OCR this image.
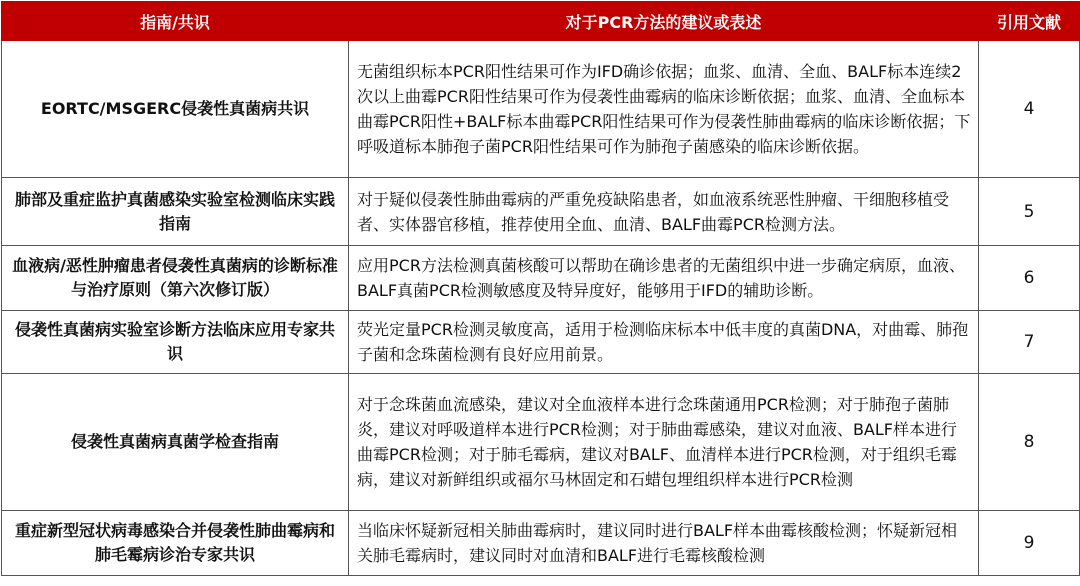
指南/共识	对于PCR方法的建议或表述	引用文献
EORTC/MSGERC侵袭性真菌病共识	无菌组织标本PCR阳性结果可作为IFD确诊依据；血浆、血清、全血、BALF标本连续2次以上曲霉PCR阳性结果可作为侵袭性曲霉病的临床诊断依据；血浆、血清、全血标本曲霉PCR阳性+BALF标本曲霉PCR阳性结果可作为侵袭性肺曲霉病的临床诊断依据；下呼吸道标本肺孢子菌PCR阳性结果可作为肺孢子菌感染的临床诊断依据。	4
肺部及重症监护真菌感染实验室检测临床实践指南	对于疑似侵袭性肺曲霉病的严重免疫缺陷患者，如血液系统恶性肿瘤、干细胞移植受者、实体器官移植，推荐使用全血、血清、BALF曲霉PCR检测方法。	5
血液病/恶性肿瘤患者侵袭性真菌病的诊断标准与治疗原则（第六次修订版）	应用PCR方法检测真菌核酸可以帮助在确诊患者的无菌组织中进一步确定病原，血液、BALF真菌PCR检测敏感度及特异度好，能够用于IFD的辅助诊断。	6
侵袭性真菌病实验室诊断方法临床应用专家共识	荧光定量PCR检测灵敏度高，适用于检测临床标本中低丰度的真菌DNA，对曲霉、肺孢子菌和念珠菌检测有良好应用前景。	7
侵袭性真菌病真菌学检查指南	对于念珠菌血流感染，建议对全血液样本进行念珠菌通用PCR检测；对于肺孢子菌肺炎，建议对呼吸道样本进行PCR检测；对于肺曲霉感染，建议对血液、BALF样本进行曲霉PCR检测；对于肺毛霉病，建议对BALF、血清样本进行PCR检测，对于组织毛霉病，建议对新鲜组织或福尔马林固定和石蜡包埋组织样本进行PCR检测	8
重症新型冠状病毒感染合并侵袭性肺曲霉病和肺毛霉病诊治专家共识	当临床怀疑新冠相关肺曲霉病时，建议同时进行BALF样本曲霉核酸检测；怀疑新冠相关肺毛霉病时，建议同时对血清和BALF进行毛霉核酸检测	9
